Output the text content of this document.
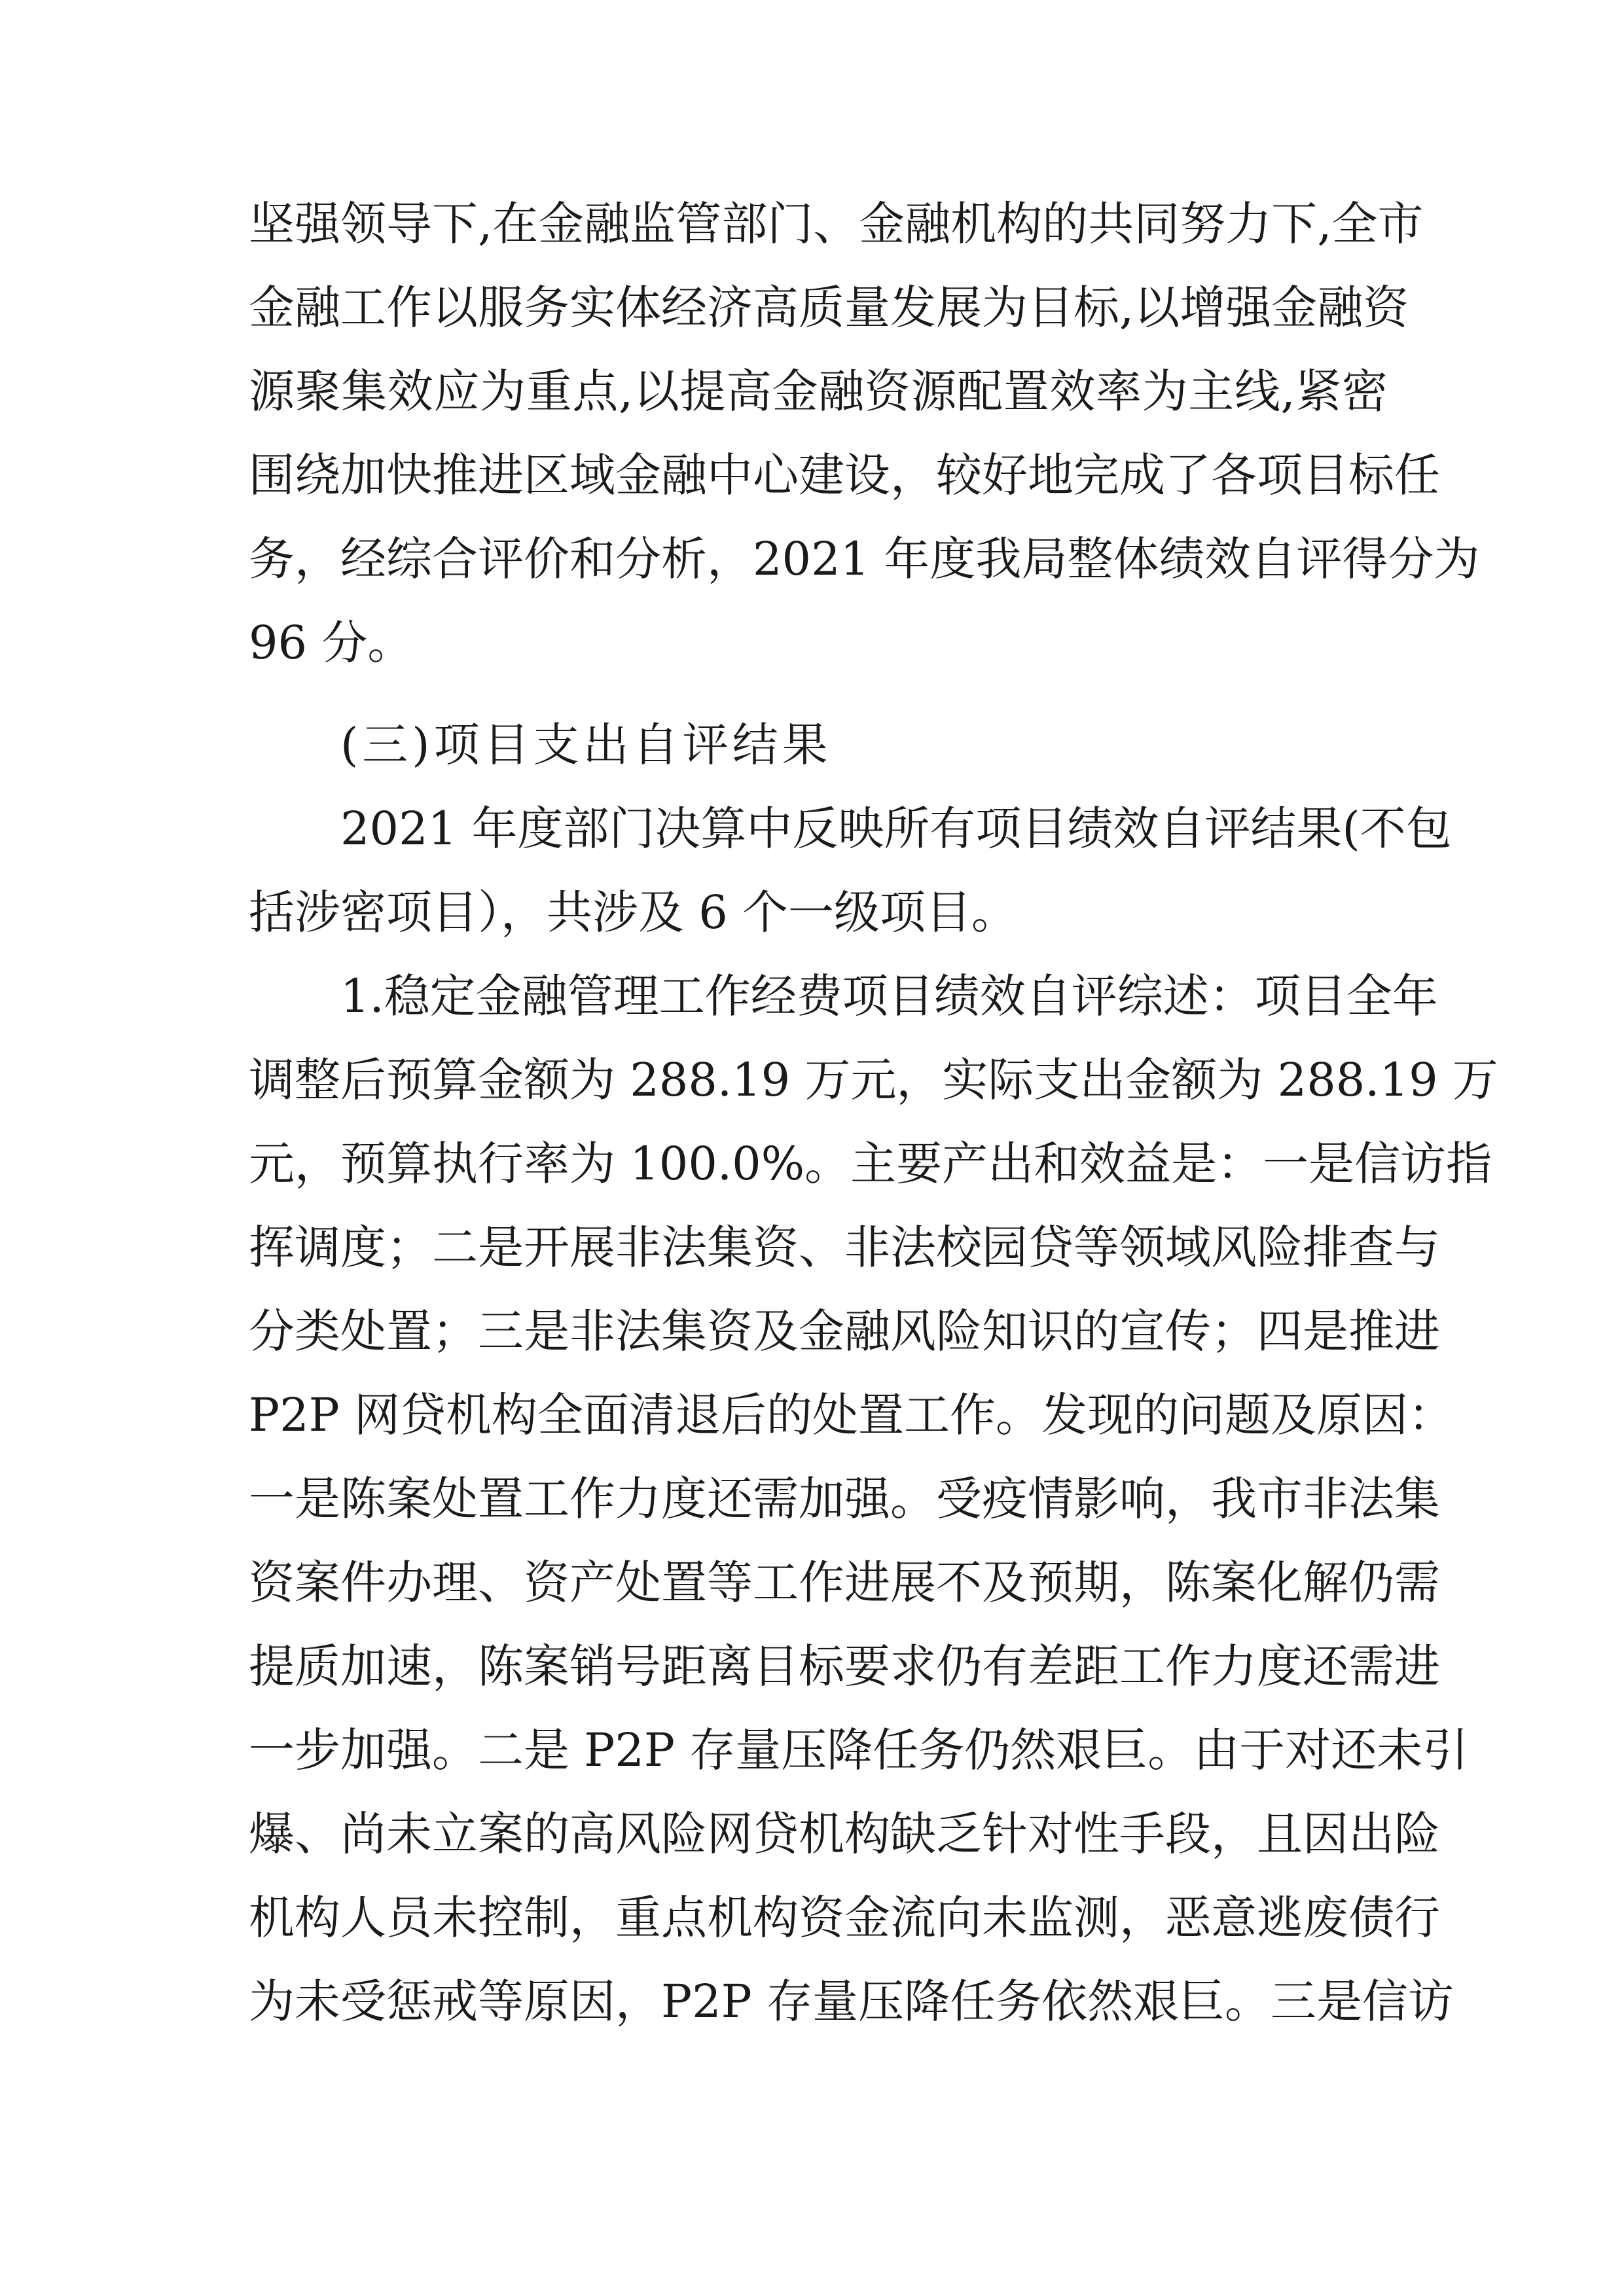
坚强领导下,在金融监管部门、金融机构的共同努力下,全市
金融工作以服务实体经济高质量发展为目标,以增强金融资
源聚集效应为重点,以提高金融资源配置效率为主线,紧密
围绕加快推进区域金融中心建设，较好地完成了各项目标任
务，经综合评价和分析，2021 年度我局整体绩效自评得分为
96 分。
(三)项目支出自评结果
2021 年度部门决算中反映所有项目绩效自评结果(不包
括涉密项目），共涉及 6 个一级项目。
1.稳定金融管理工作经费项目绩效自评综述：项目全年
调整后预算金额为 288.19 万元，实际支出金额为 288.19 万
元，预算执行率为 100.0%。主要产出和效益是：一是信访指
挥调度；二是开展非法集资、非法校园贷等领域风险排查与
分类处置；三是非法集资及金融风险知识的宣传；四是推进
P2P 网贷机构全面清退后的处置工作。发现的问题及原因：
一是陈案处置工作力度还需加强。受疫情影响，我市非法集
资案件办理、资产处置等工作进展不及预期，陈案化解仍需
提质加速，陈案销号距离目标要求仍有差距工作力度还需进
一步加强。二是 P2P 存量压降任务仍然艰巨。由于对还未引
爆、尚未立案的高风险网贷机构缺乏针对性手段，且因出险
机构人员未控制，重点机构资金流向未监测，恶意逃废债行
为未受惩戒等原因，P2P 存量压降任务依然艰巨。三是信访
